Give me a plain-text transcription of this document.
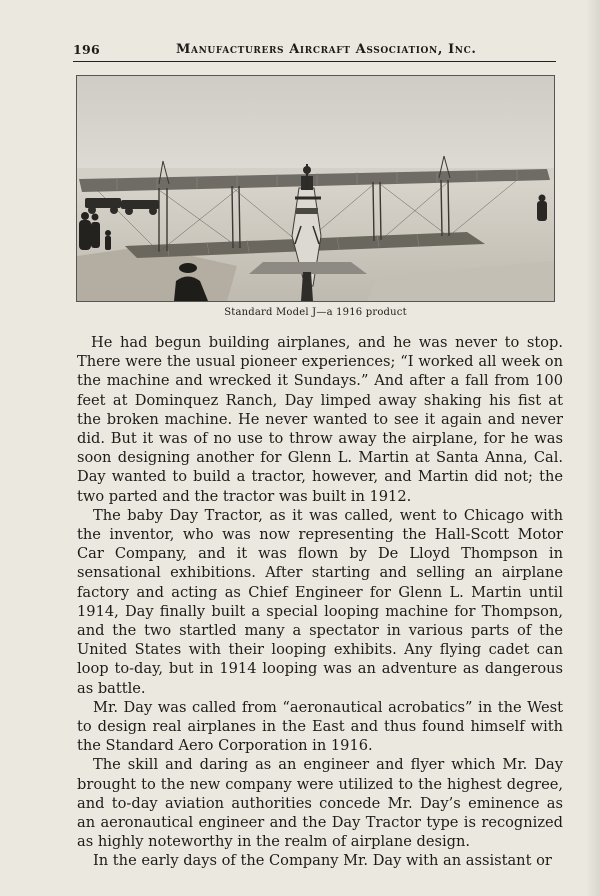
196	Manufacturers Aircraft Association, Inc.
Standard Model J—a 1916 product

He had begun building airplanes, and he was never to stop. There were the usual pioneer experiences; “I worked all week on the machine and wrecked it Sundays.” And after a fall from 100 feet at Dominquez Ranch, Day limped away shaking his fist at the broken machine. He never wanted to see it again and never did. But it was of no use to throw away the airplane, for he was soon designing another for Glenn L. Martin at Santa Anna, Cal. Day wanted to build a tractor, however, and Martin did not; the two parted and the tractor was built in 1912.

The baby Day Tractor, as it was called, went to Chicago with the inventor, who was now representing the Hall-Scott Motor Car Company, and it was flown by De Lloyd Thompson in sensational exhibitions. After starting and selling an airplane factory and acting as Chief Engineer for Glenn L. Martin until 1914, Day finally built a special looping machine for Thompson, and the two startled many a spectator in various parts of the United States with their looping exhibits. Any flying cadet can loop to-day, but in 1914 looping was an adventure as dangerous as battle.

Mr. Day was called from “aeronautical acrobatics” in the West to design real airplanes in the East and thus found himself with the Standard Aero Corporation in 1916.

The skill and daring as an engineer and flyer which Mr. Day brought to the new company were utilized to the highest degree, and to-day aviation authorities concede Mr. Day’s eminence as an aeronautical engineer and the Day Tractor type is recognized as highly noteworthy in the realm of airplane design.

In the early days of the Company Mr. Day with an assistant or
